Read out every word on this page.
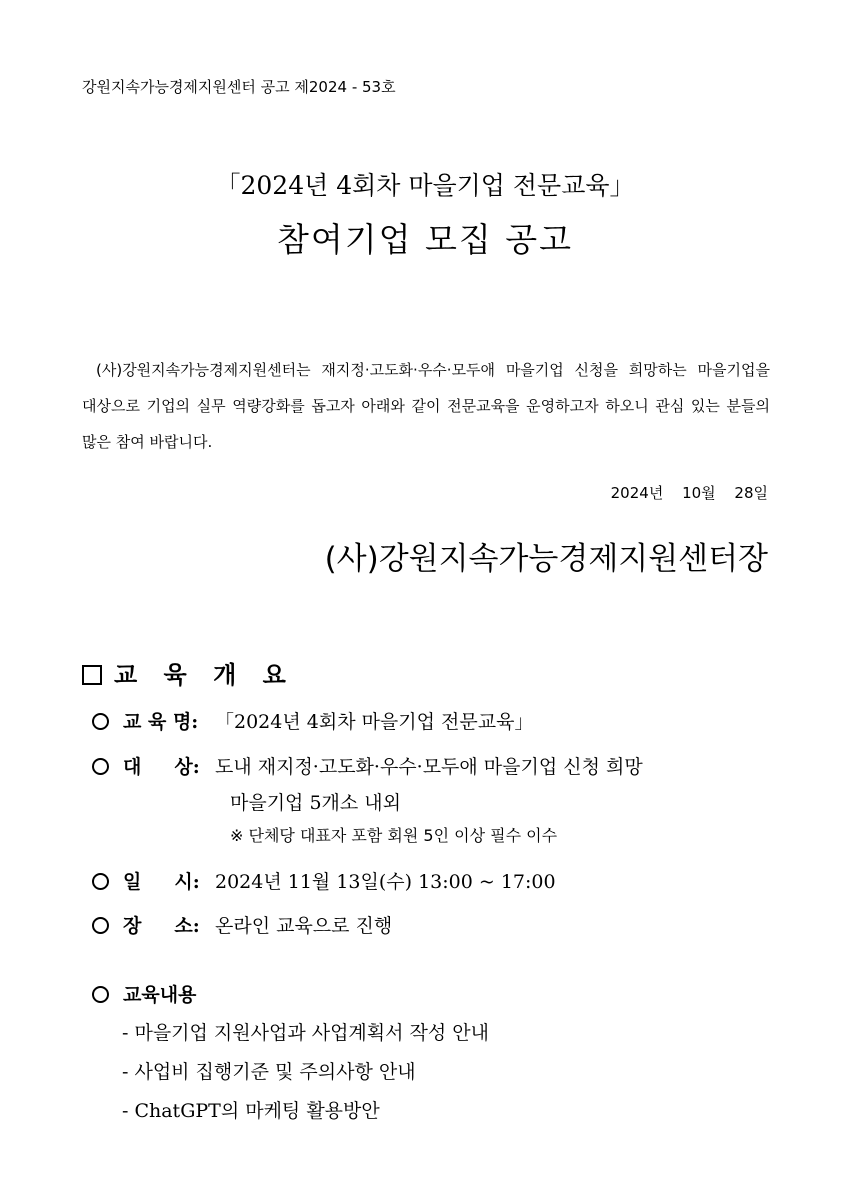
강원지속가능경제지원센터 공고 제2024 - 53호
「2024년 4회차 마을기업 전문교육」
참여기업 모집 공고
(사)강원지속가능경제지원센터는 재지정·고도화·우수·모두애 마을기업 신청을 희망하는 마을기업을 대상으로 기업의 실무 역량강화를 돕고자 아래와 같이 전문교육을 운영하고자 하오니 관심 있는 분들의 많은 참여 바랍니다.
2024년 10월 28일
(사)강원지속가능경제지원센터장
교 육 개 요
교 육 명: 「2024년 4회차 마을기업 전문교육」
대     상: 도내 재지정·고도화·우수·모두애 마을기업 신청 희망
마을기업 5개소 내외
※ 단체당 대표자 포함 회원 5인 이상 필수 이수
일     시: 2024년 11월 13일(수) 13:00 ~ 17:00
장     소: 온라인 교육으로 진행
교육내용
- 마을기업 지원사업과 사업계획서 작성 안내
- 사업비 집행기준 및 주의사항 안내
- ChatGPT의 마케팅 활용방안
